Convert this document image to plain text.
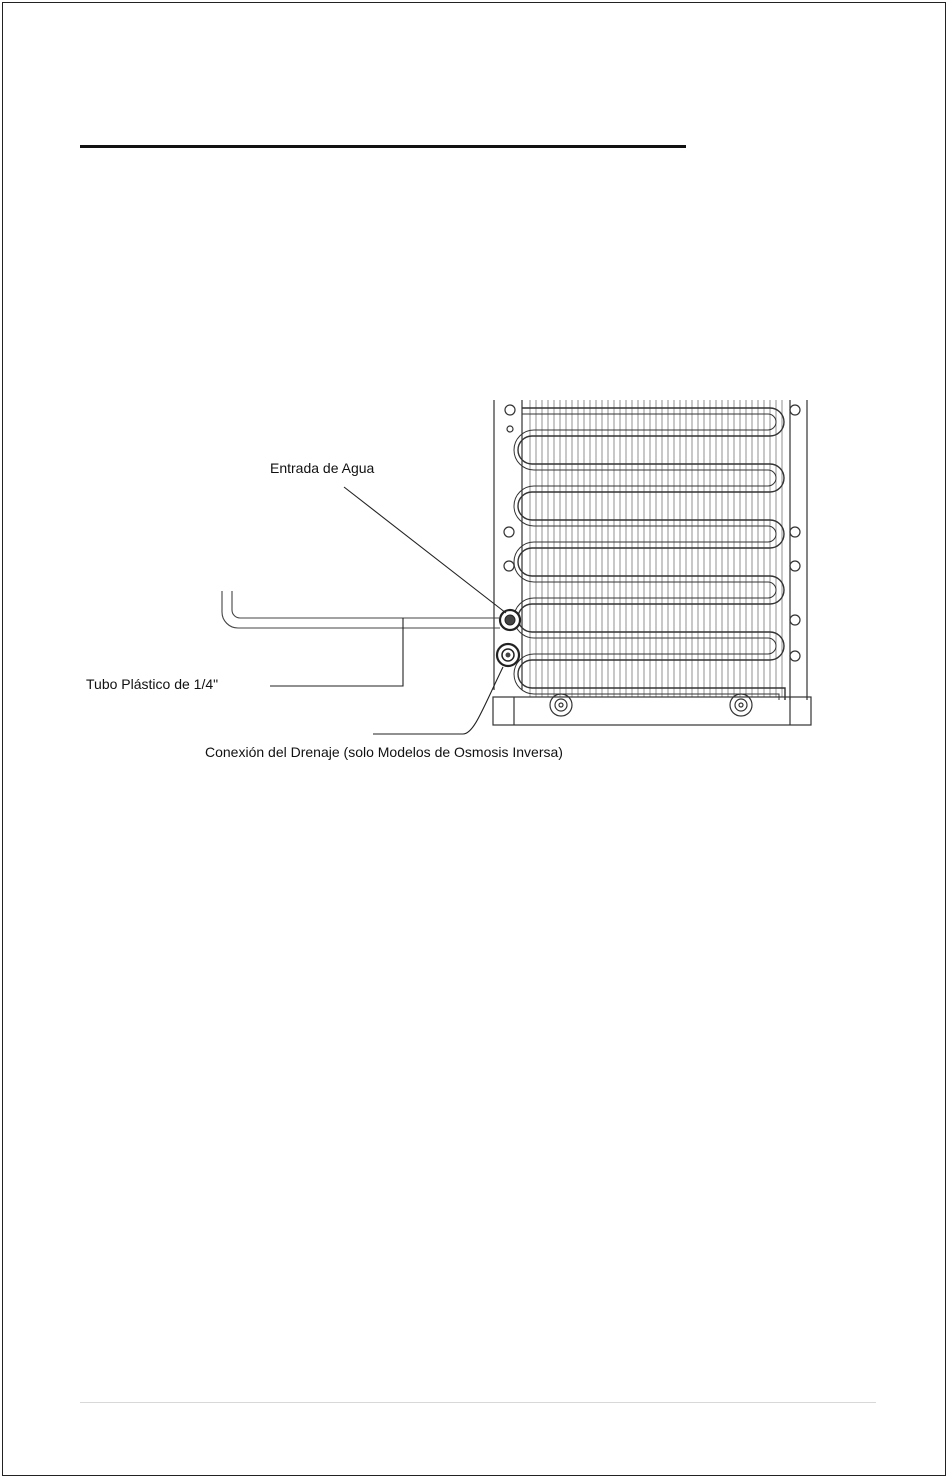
Entrada de Agua
Tubo Plástico de 1/4"
Conexión del Drenaje (solo Modelos de Osmosis Inversa)
